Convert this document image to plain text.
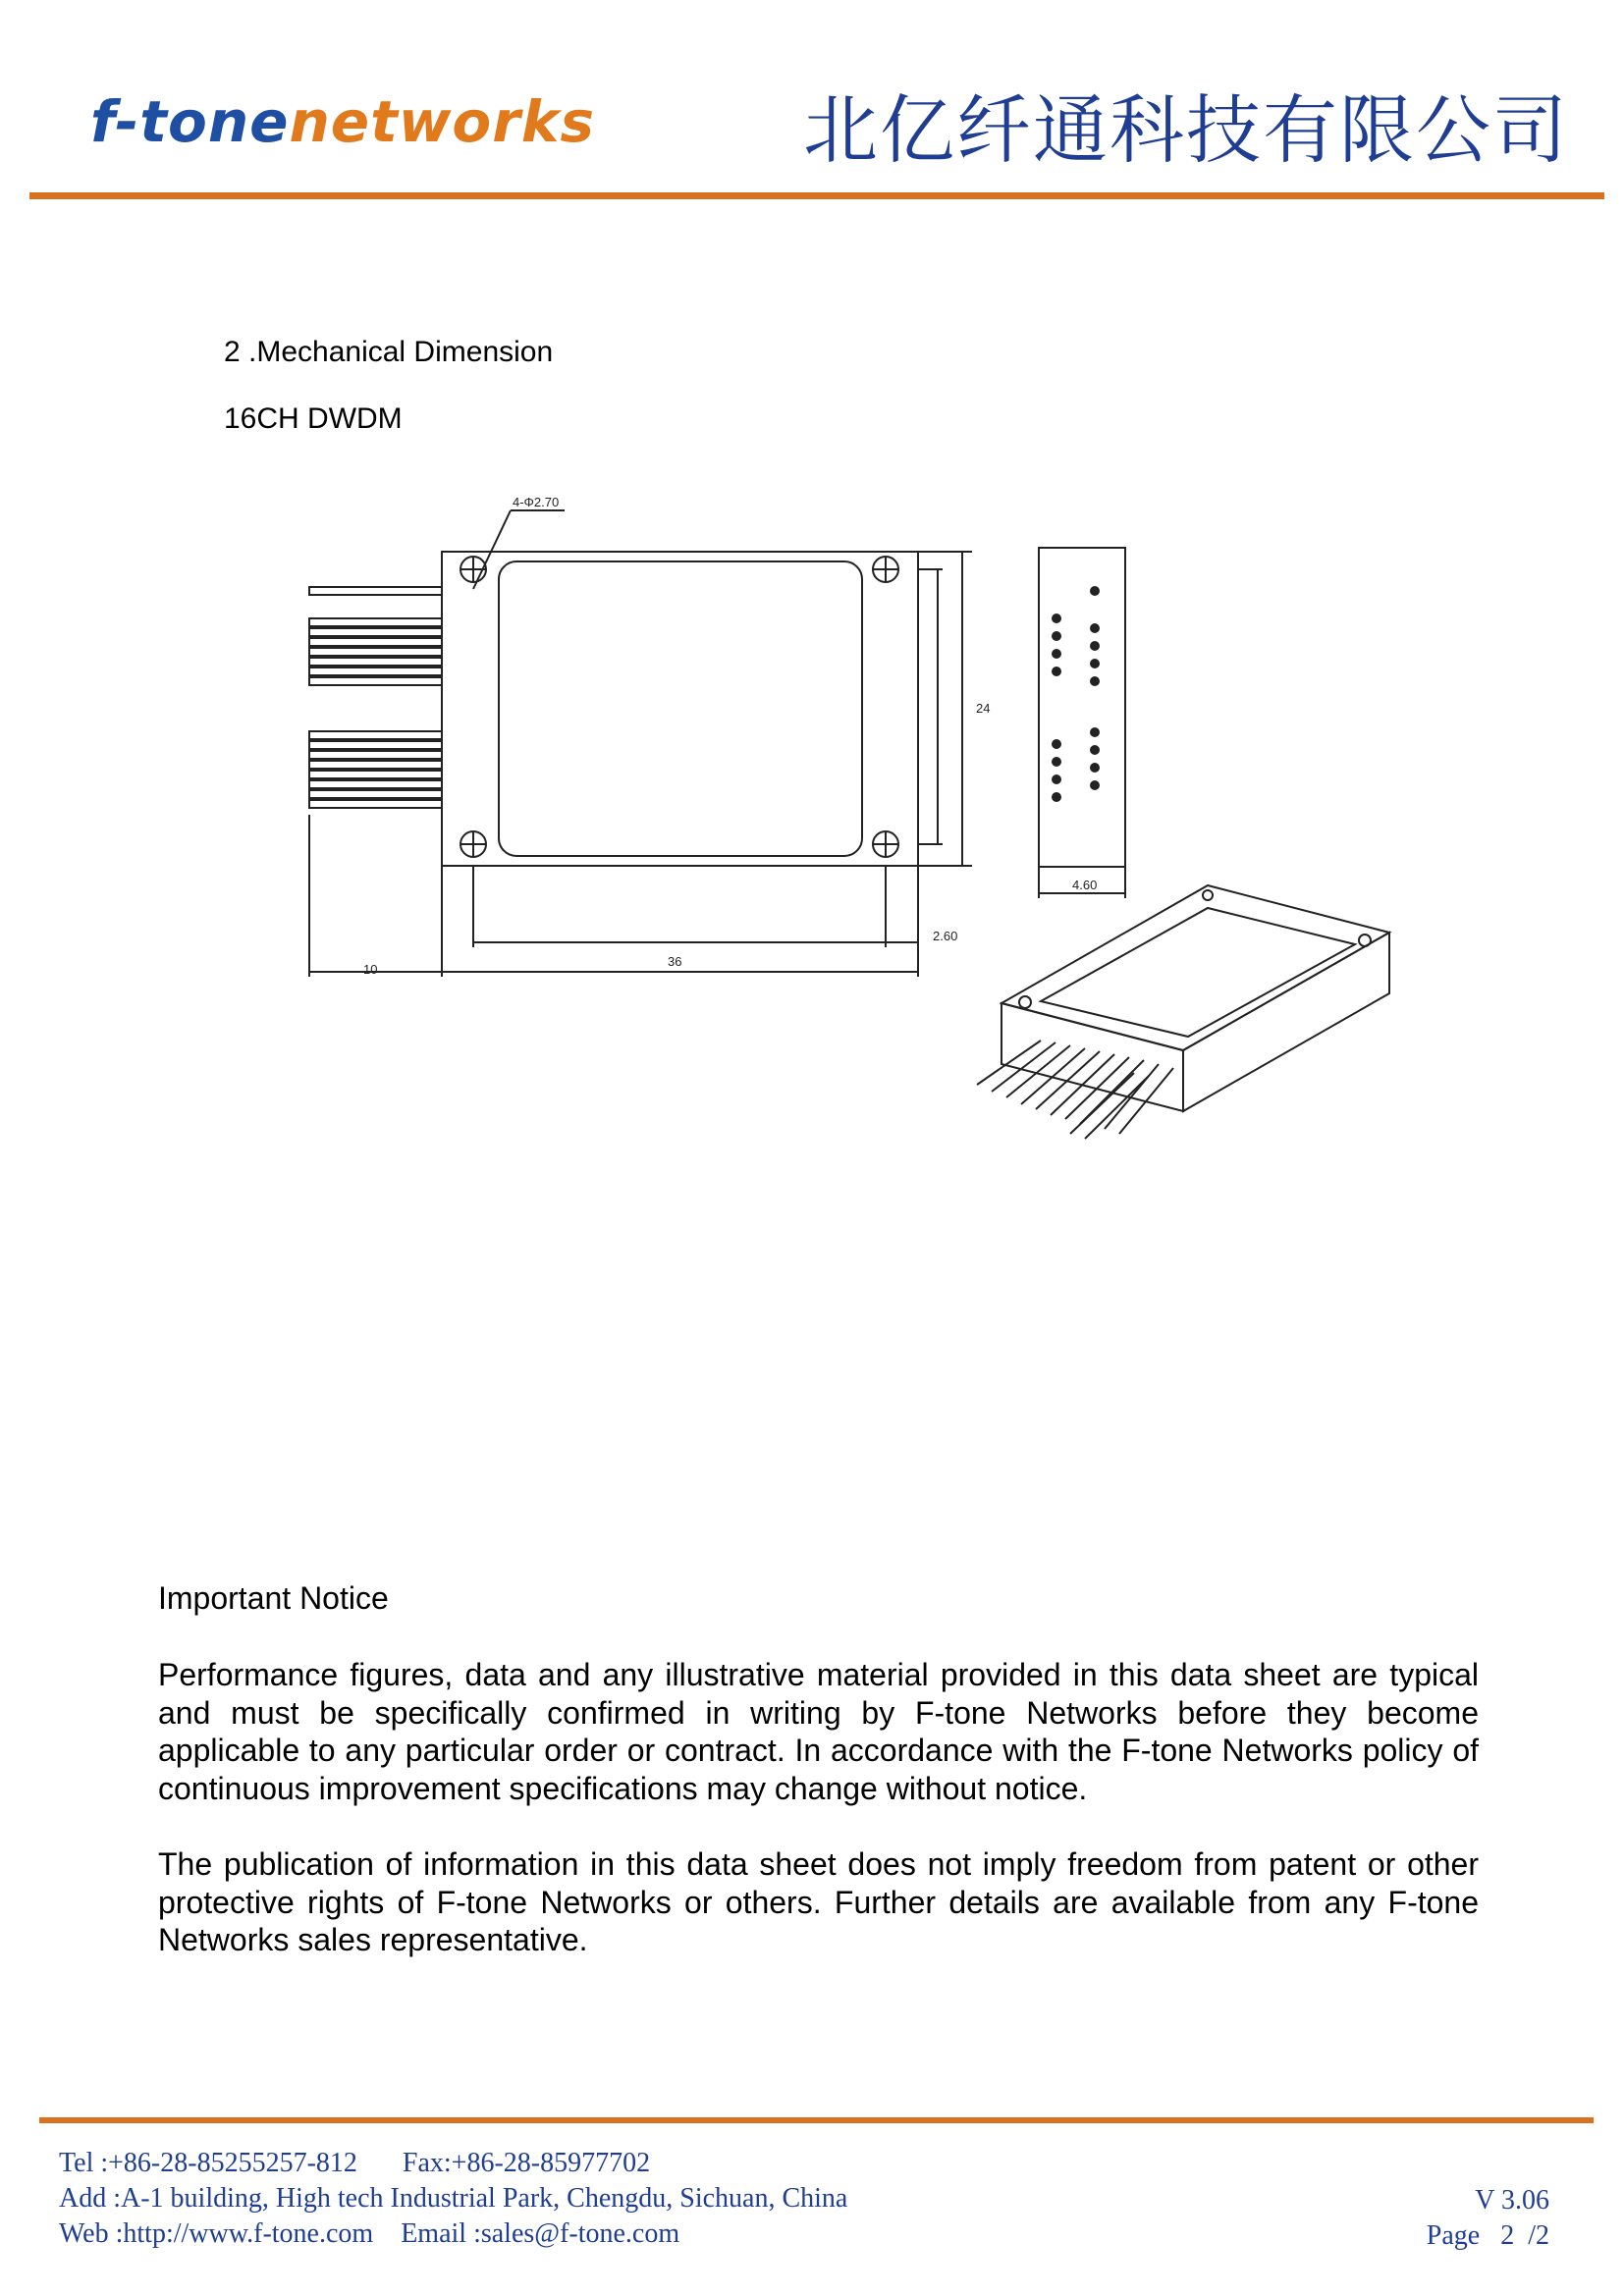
f-tonenetworks	北亿纤通科技有限公司
2 .Mechanical Dimension
16CH DWDM
4-Φ2.70
24
36
10
2.60
4.60
Important Notice

Performance figures, data and any illustrative material provided in this data sheet are typical and must be specifically confirmed in writing by F-tone Networks before they become applicable to any particular order or contract. In accordance with the F-tone Networks policy of continuous improvement specifications may change without notice.

The publication of information in this data sheet does not imply freedom from patent or other protective rights of F-tone Networks or others. Further details are available from any F-tone Networks sales representative.

Tel :+86-28-85255257-812 Fax:+86-28-85977702
Add :A-1 building, High tech Industrial Park, Chengdu, Sichuan, China
Web :http://www.f-tone.com Email :sales@f-tone.com
V 3.06
Page   2  /2
